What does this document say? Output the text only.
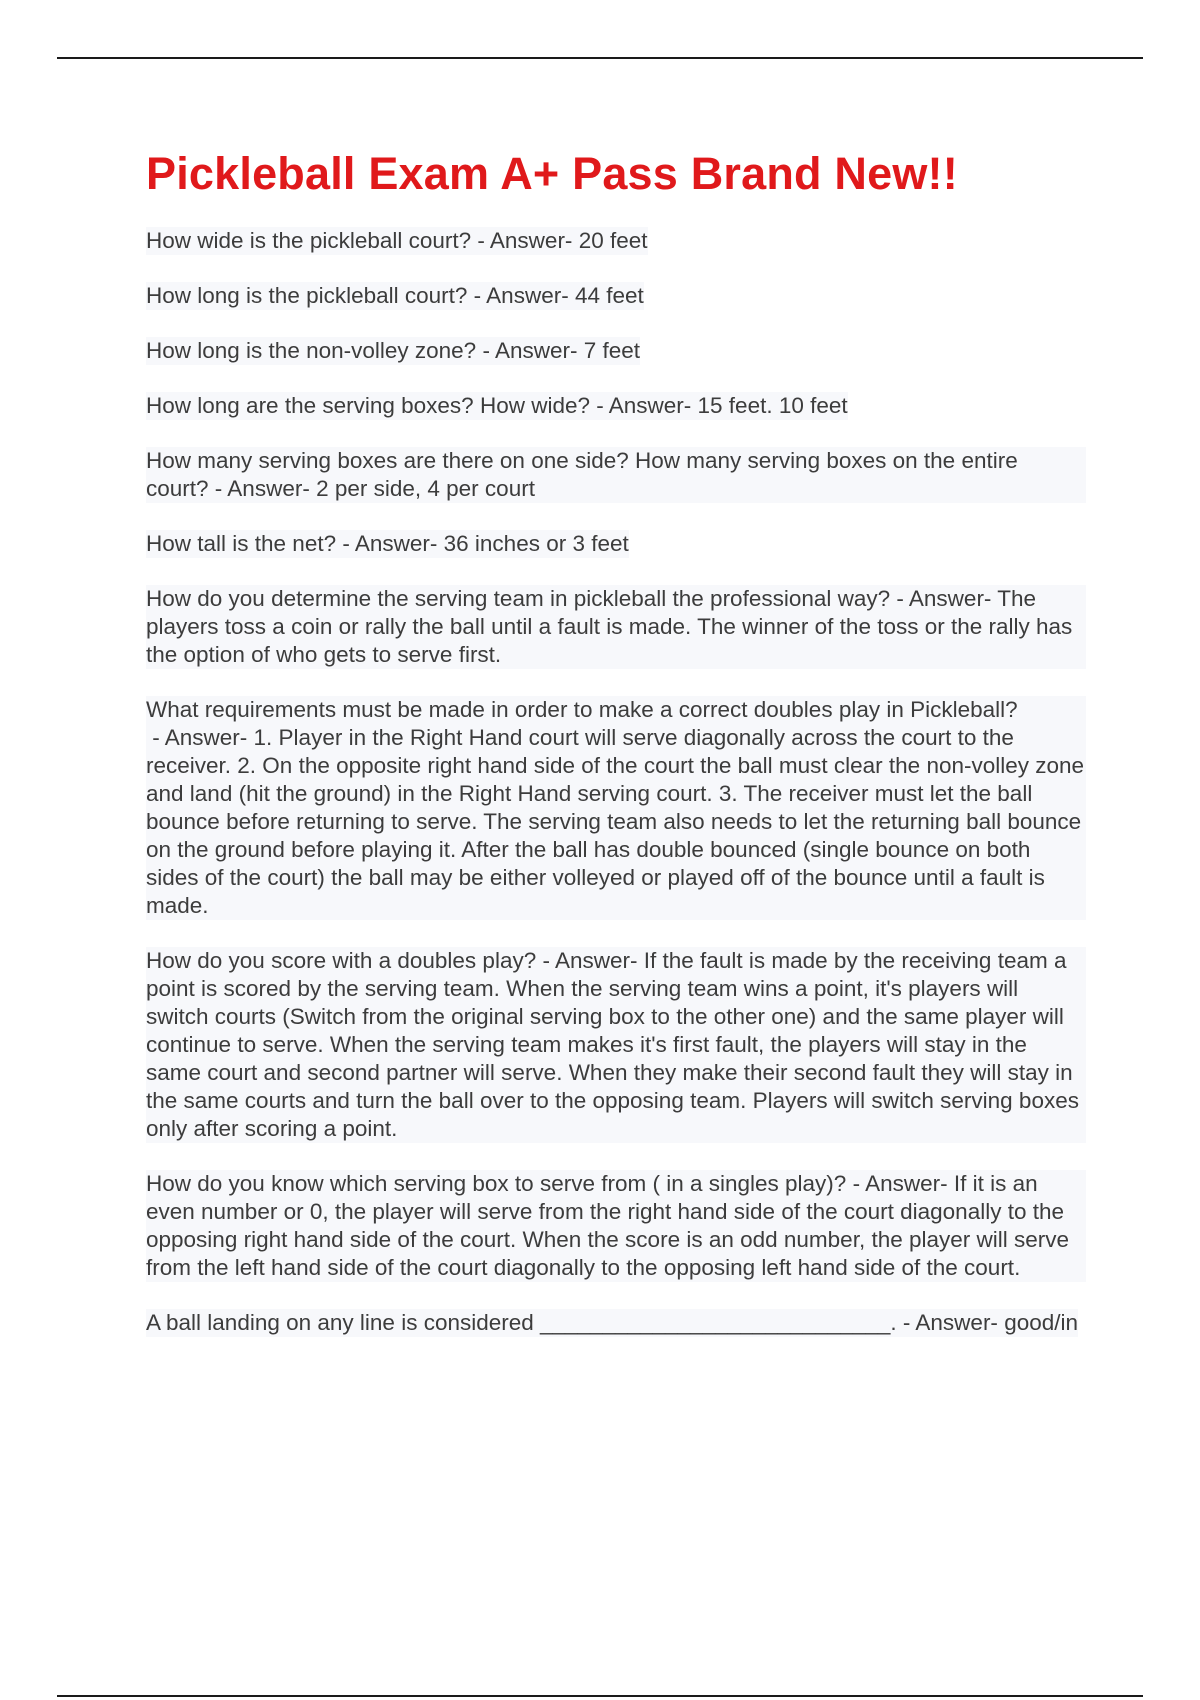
Pickleball Exam A+ Pass Brand New!!

How wide is the pickleball court? - Answer- 20 feet

How long is the pickleball court? - Answer- 44 feet

How long is the non-volley zone? - Answer- 7 feet

How long are the serving boxes? How wide? - Answer- 15 feet. 10 feet

How many serving boxes are there on one side? How many serving boxes on the entire court? - Answer- 2 per side, 4 per court

How tall is the net? - Answer- 36 inches or 3 feet

How do you determine the serving team in pickleball the professional way? - Answer- The players toss a coin or rally the ball until a fault is made. The winner of the toss or the rally has the option of who gets to serve first.

What requirements must be made in order to make a correct doubles play in Pickleball? - Answer- 1. Player in the Right Hand court will serve diagonally across the court to the receiver. 2. On the opposite right hand side of the court the ball must clear the non-volley zone and land (hit the ground) in the Right Hand serving court. 3. The receiver must let the ball bounce before returning to serve. The serving team also needs to let the returning ball bounce on the ground before playing it. After the ball has double bounced (single bounce on both sides of the court) the ball may be either volleyed or played off of the bounce until a fault is made.

How do you score with a doubles play? - Answer- If the fault is made by the receiving team a point is scored by the serving team. When the serving team wins a point, it's players will switch courts (Switch from the original serving box to the other one) and the same player will continue to serve. When the serving team makes it's first fault, the players will stay in the same court and second partner will serve. When they make their second fault they will stay in the same courts and turn the ball over to the opposing team. Players will switch serving boxes only after scoring a point.

How do you know which serving box to serve from ( in a singles play)? - Answer- If it is an even number or 0, the player will serve from the right hand side of the court diagonally to the opposing right hand side of the court. When the score is an odd number, the player will serve from the left hand side of the court diagonally to the opposing left hand side of the court.

A ball landing on any line is considered ____________________________. - Answer- good/in
